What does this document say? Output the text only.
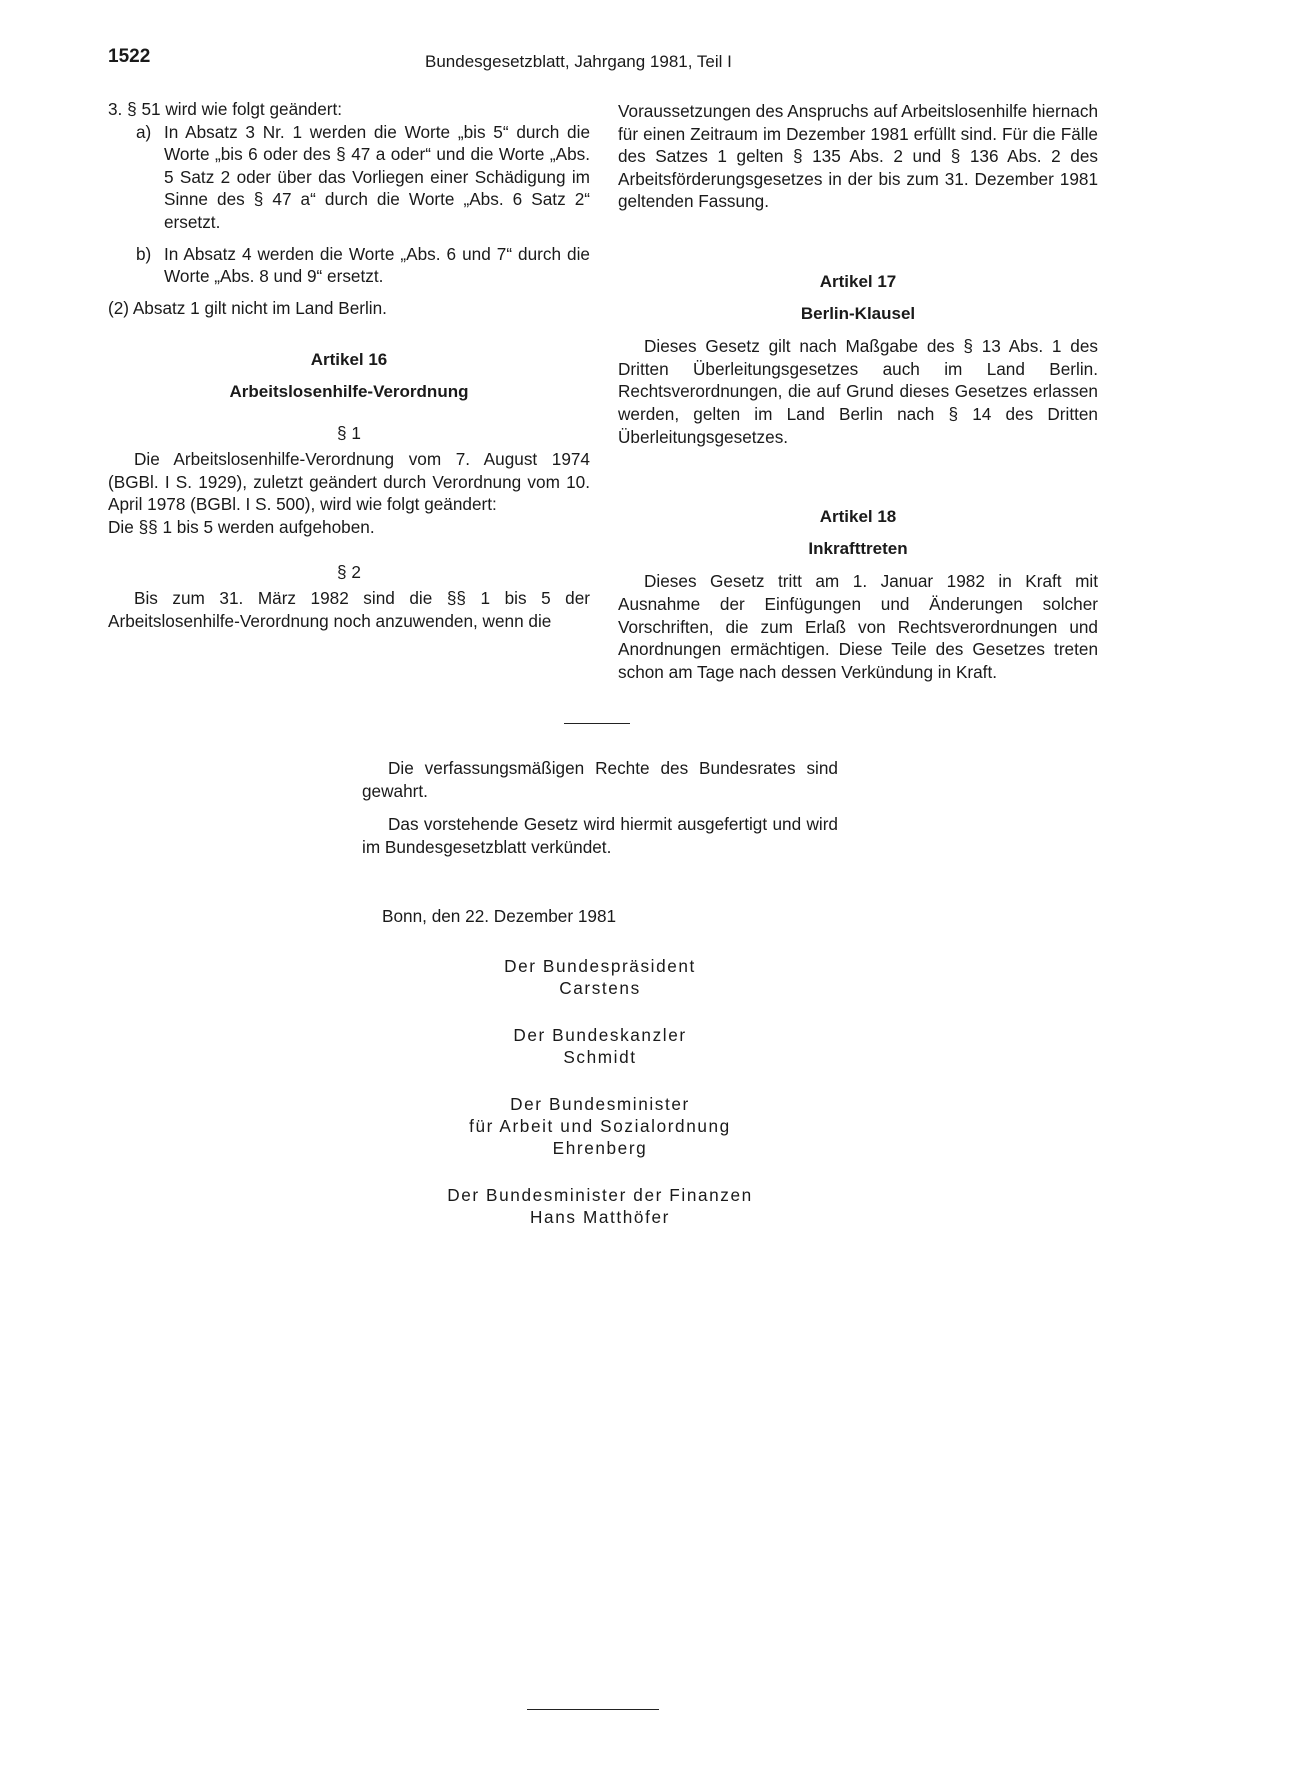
1522	Bundesgesetzblatt, Jahrgang 1981, Teil I

3. § 51 wird wie folgt geändert:

a) In Absatz 3 Nr. 1 werden die Worte „bis 5“ durch die Worte „bis 6 oder des § 47 a oder“ und die Worte „Abs. 5 Satz 2 oder über das Vorliegen einer Schädigung im Sinne des § 47 a“ durch die Worte „Abs. 6 Satz 2“ ersetzt.
b) In Absatz 4 werden die Worte „Abs. 6 und 7“ durch die Worte „Abs. 8 und 9“ ersetzt.

(2) Absatz 1 gilt nicht im Land Berlin.

Artikel 16
Arbeitslosenhilfe-Verordnung
§ 1

Die Arbeitslosenhilfe-Verordnung vom 7. August 1974 (BGBl. I S. 1929), zuletzt geändert durch Verordnung vom 10. April 1978 (BGBl. I S. 500), wird wie folgt geändert:

Die §§ 1 bis 5 werden aufgehoben.

§ 2

Bis zum 31. März 1982 sind die §§ 1 bis 5 der Arbeitslosenhilfe-Verordnung noch anzuwenden, wenn die

Voraussetzungen des Anspruchs auf Arbeitslosenhilfe hiernach für einen Zeitraum im Dezember 1981 erfüllt sind. Für die Fälle des Satzes 1 gelten § 135 Abs. 2 und § 136 Abs. 2 des Arbeitsförderungsgesetzes in der bis zum 31. Dezember 1981 geltenden Fassung.

Artikel 17
Berlin-Klausel

Dieses Gesetz gilt nach Maßgabe des § 13 Abs. 1 des Dritten Überleitungsgesetzes auch im Land Berlin. Rechtsverordnungen, die auf Grund dieses Gesetzes erlassen werden, gelten im Land Berlin nach § 14 des Dritten Überleitungsgesetzes.

Artikel 18
Inkrafttreten

Dieses Gesetz tritt am 1. Januar 1982 in Kraft mit Ausnahme der Einfügungen und Änderungen solcher Vorschriften, die zum Erlaß von Rechtsverordnungen und Anordnungen ermächtigen. Diese Teile des Gesetzes treten schon am Tage nach dessen Verkündung in Kraft.

Die verfassungsmäßigen Rechte des Bundesrates sind gewahrt.

Das vorstehende Gesetz wird hiermit ausgefertigt und wird im Bundesgesetzblatt verkündet.

Bonn, den 22. Dezember 1981
Der Bundespräsident
Carstens
Der Bundeskanzler
Schmidt
Der Bundesminister
für Arbeit und Sozialordnung
Ehrenberg
Der Bundesminister der Finanzen
Hans Matthöfer
